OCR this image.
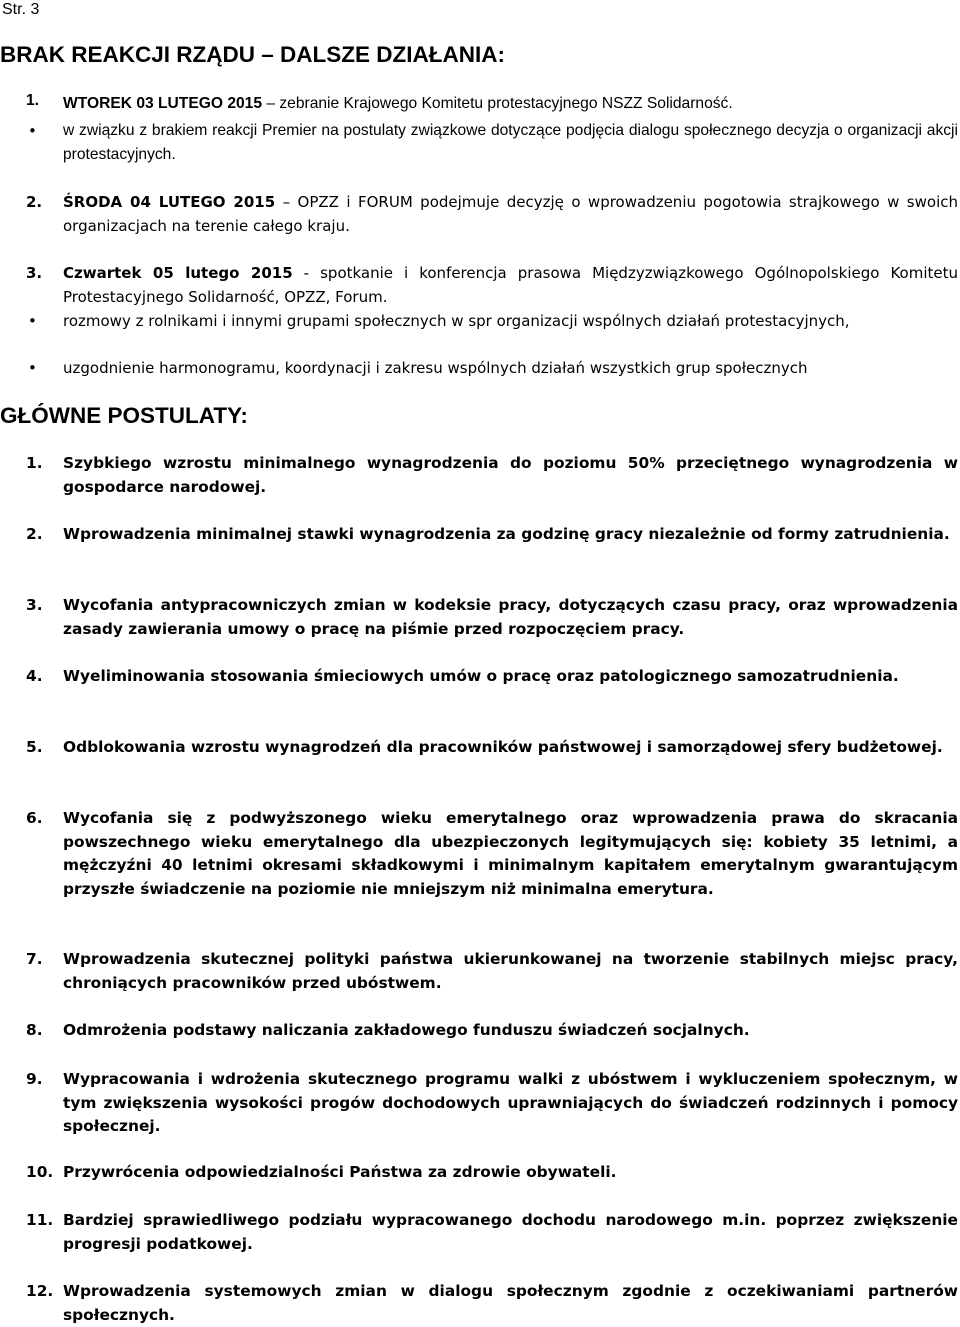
Str. 3
BRAK REAKCJI RZĄDU – DALSZE DZIAŁANIA:
1.	WTOREK 03 LUTEGO 2015 – zebranie Krajowego Komitetu protestacyjnego NSZZ Solidarność.
•	w związku z brakiem reakcji Premier na postulaty związkowe dotyczące podjęcia dialogu społecznego decyzja o organizacji akcji protestacyjnych.
2.	ŚRODA 04 LUTEGO 2015 – OPZZ i FORUM podejmuje decyzję o wprowadzeniu pogotowia strajkowego w swoich organizacjach na terenie całego kraju.
3.	Czwartek 05 lutego 2015 - spotkanie i konferencja prasowa Międzyzwiązkowego Ogólnopolskiego Komitetu Protestacyjnego Solidarność, OPZZ, Forum.
•	rozmowy z rolnikami i innymi grupami społecznych w spr organizacji wspólnych działań protestacyjnych,
•	uzgodnienie harmonogramu, koordynacji i zakresu wspólnych działań wszystkich grup społecznych
GŁÓWNE POSTULATY:
1.	Szybkiego wzrostu minimalnego wynagrodzenia do poziomu 50% przeciętnego wynagrodzenia w gospodarce narodowej.
2.	Wprowadzenia minimalnej stawki wynagrodzenia za godzinę gracy niezależnie od formy zatrudnienia.
3.	Wycofania antypracowniczych zmian w kodeksie pracy, dotyczących czasu pracy, oraz wprowadzenia zasady zawierania umowy o pracę na piśmie przed rozpoczęciem pracy.
4.	Wyeliminowania stosowania śmieciowych umów o pracę oraz patologicznego samozatrudnienia.
5.	Odblokowania wzrostu wynagrodzeń dla pracowników państwowej i samorządowej sfery budżetowej.
6.	Wycofania się z podwyższonego wieku emerytalnego oraz wprowadzenia prawa do skracania powszechnego wieku emerytalnego dla ubezpieczonych legitymujących się: kobiety 35 letnimi, a mężczyźni 40 letnimi okresami składkowymi i minimalnym kapitałem emerytalnym gwarantującym przyszłe świadczenie na poziomie nie mniejszym niż minimalna emerytura.
7.	Wprowadzenia skutecznej polityki państwa ukierunkowanej na tworzenie stabilnych miejsc pracy, chroniących pracowników przed ubóstwem.
8.	Odmrożenia podstawy naliczania zakładowego funduszu świadczeń socjalnych.
9.	Wypracowania i wdrożenia skutecznego programu walki z ubóstwem i wykluczeniem społecznym, w tym zwiększenia wysokości progów dochodowych uprawniających do świadczeń rodzinnych i pomocy społecznej.
10. Przywrócenia odpowiedzialności Państwa za zdrowie obywateli.
11. Bardziej sprawiedliwego podziału wypracowanego dochodu narodowego m.in. poprzez zwiększenie progresji podatkowej.
12. Wprowadzenia systemowych zmian w dialogu społecznym zgodnie z oczekiwaniami partnerów społecznych.
